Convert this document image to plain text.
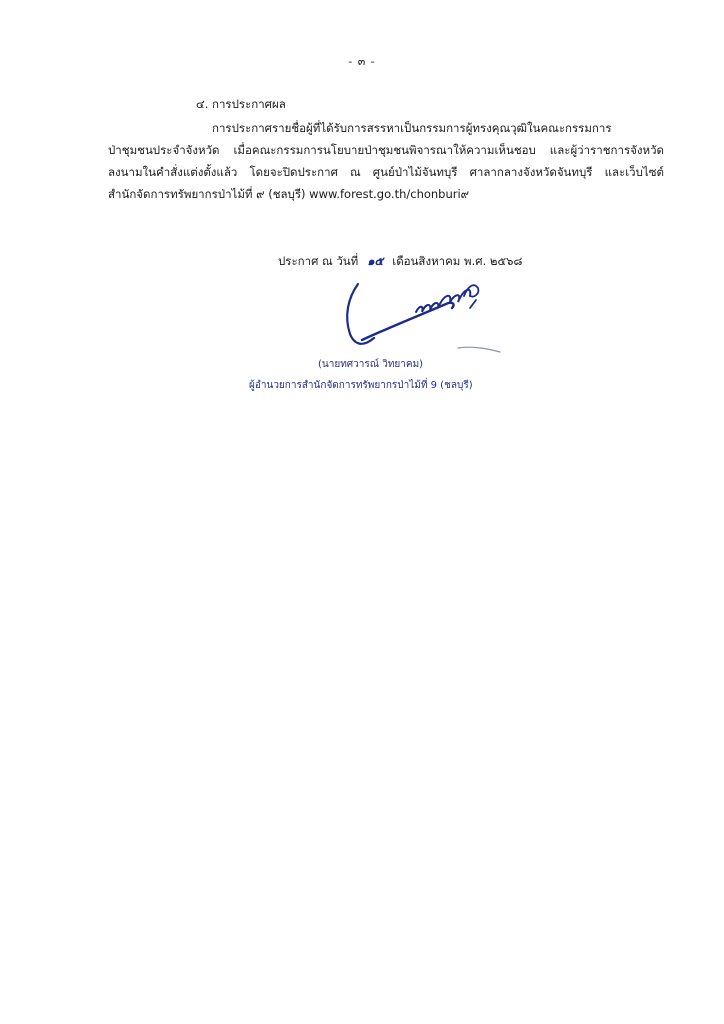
- ๓ -
๔. การประกาศผล
การประกาศรายชื่อผู้ที่ได้รับการสรรหาเป็นกรรมการผู้ทรงคุณวุฒิในคณะกรรมการ
ป่าชุมชนประจำจังหวัด เมื่อคณะกรรมการนโยบายป่าชุมชนพิจารณาให้ความเห็นชอบ และผู้ว่าราชการจังหวัด
ลงนามในคำสั่งแต่งตั้งแล้ว โดยจะปิดประกาศ ณ ศูนย์ป่าไม้จันทบุรี ศาลากลางจังหวัดจันทบุรี และเว็บไซต์
สำนักจัดการทรัพยากรป่าไม้ที่ ๙ (ชลบุรี) www.forest.go.th/chonburi๙
ประกาศ ณ วันที่ ๑๕ เดือนสิงหาคม พ.ศ. ๒๕๖๘
(นายทศวารณ์ วิทยาคม)
ผู้อำนวยการสำนักจัดการทรัพยากรป่าไม้ที่ 9 (ชลบุรี)
